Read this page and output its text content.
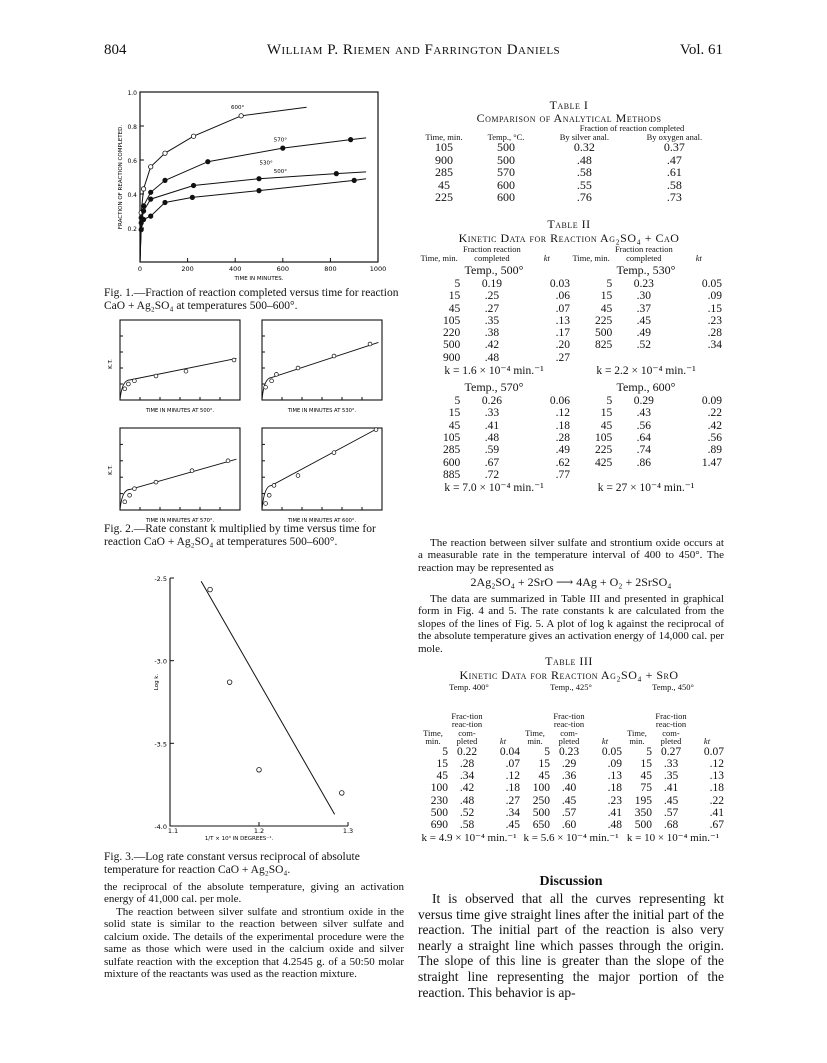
804	William P. Riemen and Farrington Daniels	Vol. 61
1.0
0.8
0.6
0.4
0.2
0	200	400	600	800	1000
TIME IN MINUTES.
FRACTION OF REACTION COMPLETED.
600°
570°
530°
500°
Fig. 1.—Fraction of reaction completed versus time for reaction CaO + Ag₂SO₄ at temperatures 500–600°.
K.T.
TIME IN MINUTES AT 500°.	TIME IN MINUTES AT 530°.
K.T.
TIME IN MINUTES AT 570°.	TIME IN MINUTES AT 600°.
Fig. 2.—Rate constant k multiplied by time versus time for reaction CaO + Ag₂SO₄ at temperatures 500–600°.
-2.5
-3.0
-3.5
-4.0 1.1	1.2	1.3
1/T × 10³ IN DEGREES⁻¹.
Log k.
Fig. 3.—Log rate constant versus reciprocal of absolute temperature for reaction CaO + Ag₂SO₄.
the reciprocal of the absolute temperature, giving an activation energy of 41,000 cal. per mole.
The reaction between silver sulfate and strontium oxide in the solid state is similar to the reaction between silver sulfate and calcium oxide. The details of the experimental procedure were the same as those which were used in the calcium oxide and silver sulfate reaction with the exception that 4.2545 g. of a 50:50 molar mixture of the reactants was used as the reaction mixture.
Table I
Comparison of Analytical Methods
Time, min.	Temp., °C.	Fraction of reaction completed	
		By silver anal.	By oxygen anal.
105	500	0.32	0.37
900	500	.48	.47
285	570	.58	.61
45	600	.55	.58
225	600	.76	.73
Table II
Kinetic Data for Reaction Ag₂SO₄ + CaO
Time, min.	Fraction reaction completed	kt	Time, min.	Fraction reaction completed	kt
Temp., 500°			Temp., 530°		
5	0.19	0.03	5	0.23	0.05
15	.25	.06	15	.30	.09
45	.27	.07	45	.37	.15
105	.35	.13	225	.45	.23
220	.38	.17	500	.49	.28
500	.42	.20	825	.52	.34
900	.48	.27			
k = 1.6 × 10⁻⁴ min.⁻¹			k = 2.2 × 10⁻⁴ min.⁻¹		
Temp., 570°			Temp., 600°		
5	0.26	0.06	5	0.29	0.09
15	.33	.12	15	.43	.22
45	.41	.18	45	.56	.42
105	.48	.28	105	.64	.56
285	.59	.49	225	.74	.89
600	.67	.62	425	.86	1.47
885	.72	.77			
k = 7.0 × 10⁻⁴ min.⁻¹			k = 27 × 10⁻⁴ min.⁻¹		
The reaction between silver sulfate and strontium oxide occurs at a measurable rate in the temperature interval of 400 to 450°. The reaction may be represented as
2Ag₂SO₄ + 2SrO ⟶ 4Ag + O₂ + 2SrSO₄
The data are summarized in Table III and presented in graphical form in Fig. 4 and 5. The rate constants k are calculated from the slopes of the lines of Fig. 5. A plot of log k against the reciprocal of the absolute temperature gives an activation energy of 14,000 cal. per mole.
Table III
Kinetic Data for Reaction Ag₂SO₄ + SrO
Temp. 400°			Temp., 425°			Temp., 450°		
Time, min.	Frac-tion reac-tion com-pleted	kt	Time, min.	Frac-tion reac-tion com-pleted	kt	Time, min.	Frac-tion reac-tion com-pleted	kt
5	0.22	0.04	5	0.23	0.05	5	0.27	0.07
15	.28	.07	15	.29	.09	15	.33	.12
45	.34	.12	45	.36	.13	45	.35	.13
100	.42	.18	100	.40	.18	75	.41	.18
230	.48	.27	250	.45	.23	195	.45	.22
500	.52	.34	500	.57	.41	350	.57	.41
690	.58	.45	650	.60	.48	500	.68	.67
k = 4.9 × 10⁻⁴ min.⁻¹			k = 5.6 × 10⁻⁴ min.⁻¹			k = 10 × 10⁻⁴ min.⁻¹		
Discussion
It is observed that all the curves representing kt versus time give straight lines after the initial part of the reaction. The initial part of the reaction is also very nearly a straight line which passes through the origin. The slope of this line is greater than the slope of the straight line representing the major portion of the reaction. This behavior is ap-
